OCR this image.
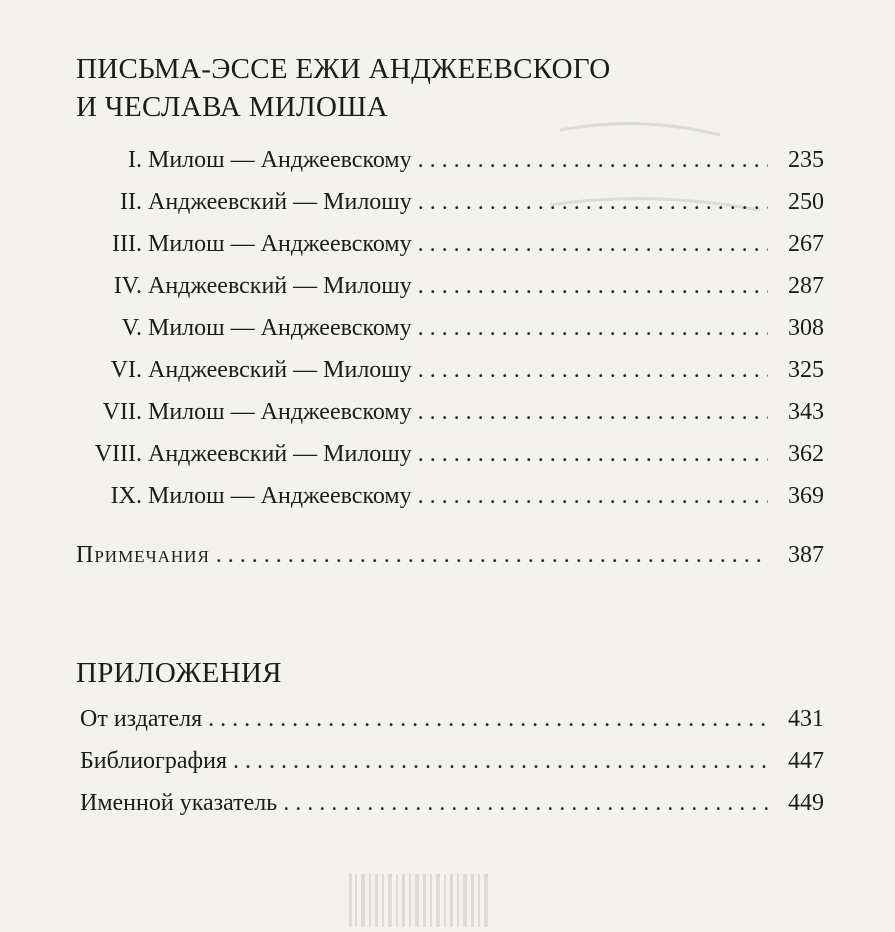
ПИСЬМА-ЭССЕ ЕЖИ АНДЖЕЕВСКОГО
И ЧЕСЛАВА МИЛОША
I. Милош — Анджеевскому . . .	235
II. Анджеевский — Милошу . . .	250
III. Милош — Анджеевскому . . .	267
IV. Анджеевский — Милошу . . .	287
V. Милош — Анджеевскому . . .	308
VI. Анджеевский — Милошу . . .	325
VII. Милош — Анджеевскому . . .	343
VIII. Анджеевский — Милошу . . .	362
IX. Милош — Анджеевскому . . .	369
Примечания . . .	387
ПРИЛОЖЕНИЯ
От издателя . . .	431
Библиография . . .	447
Именной указатель . . .	449
